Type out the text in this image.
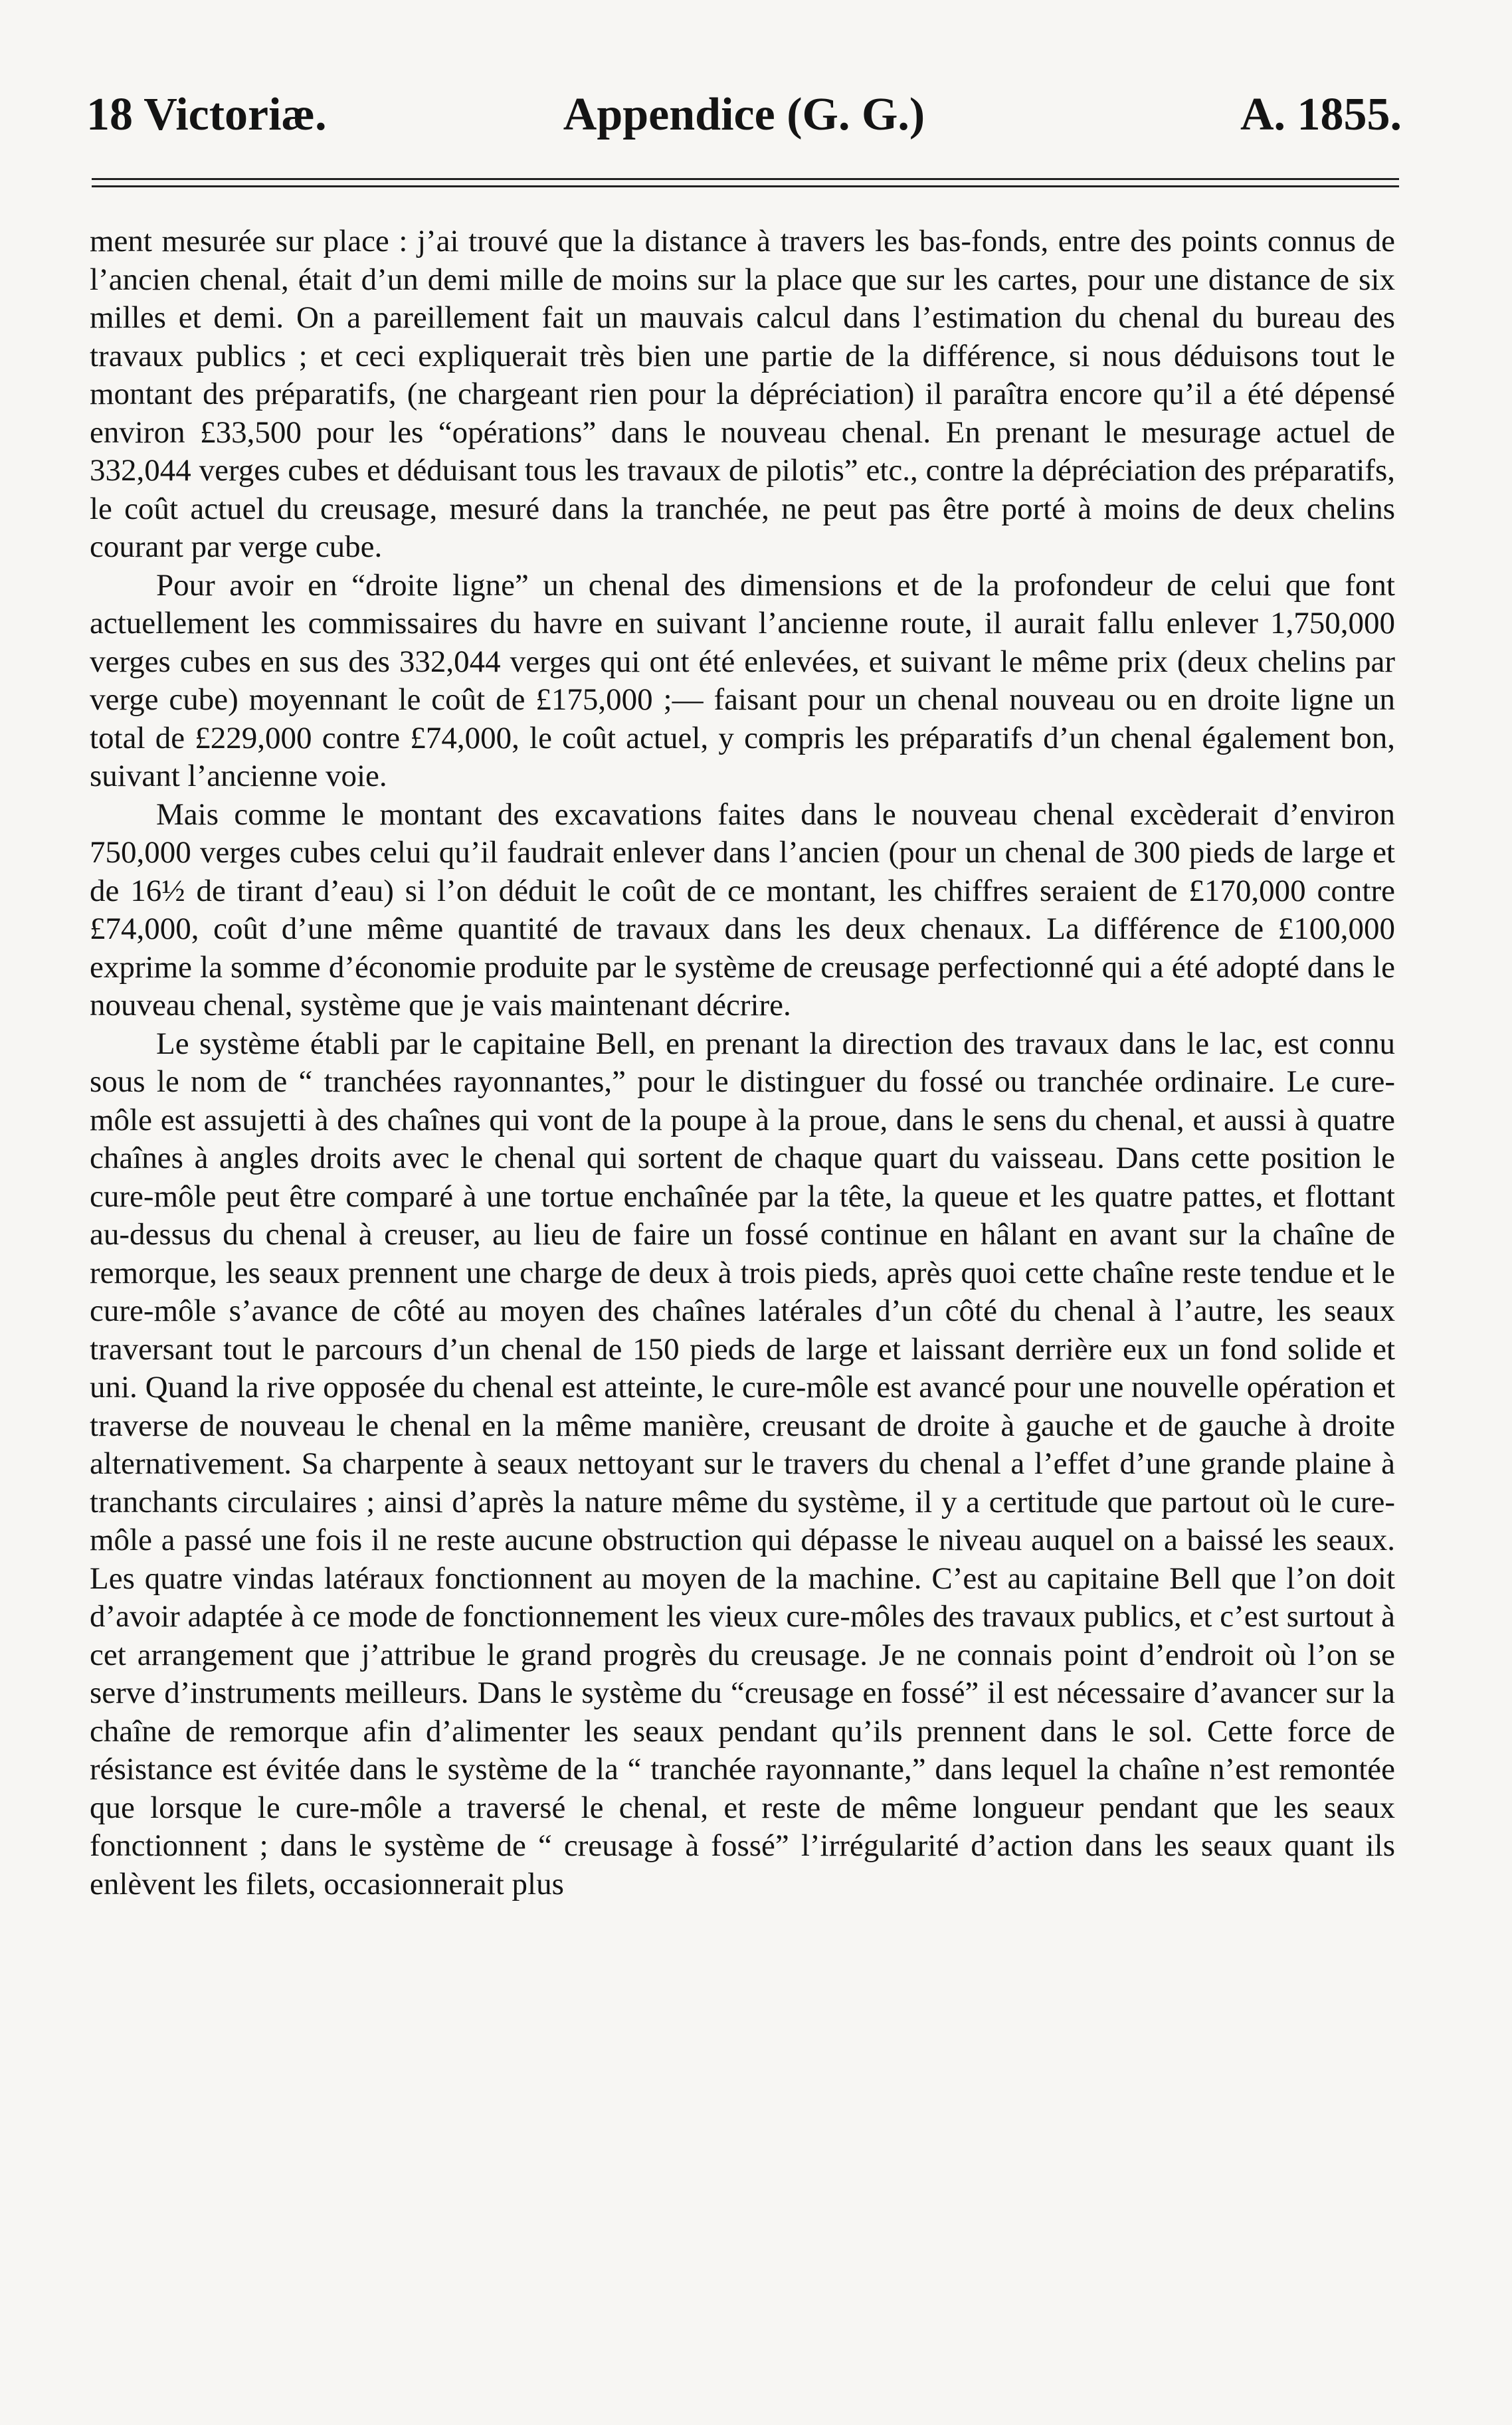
18 Victoriæ.	Appendice (G. G.)	A. 1855.

ment mesurée sur place : j’ai trouvé que la distance à travers les bas-fonds, entre des points connus de l’ancien chenal, était d’un demi mille de moins sur la place que sur les cartes, pour une distance de six milles et demi. On a pareillement fait un mauvais calcul dans l’estimation du chenal du bureau des travaux publics ; et ceci expliquerait très bien une partie de la différence, si nous déduisons tout le montant des préparatifs, (ne chargeant rien pour la dépréciation) il paraîtra encore qu’il a été dépensé environ £33,500 pour les “opérations” dans le nouveau chenal. En prenant le mesurage actuel de 332,044 verges cubes et déduisant tous les travaux de pilotis” etc., contre la dépréciation des préparatifs, le coût actuel du creusage, mesuré dans la tranchée, ne peut pas être porté à moins de deux chelins courant par verge cube.

Pour avoir en “droite ligne” un chenal des dimensions et de la profondeur de celui que font actuellement les commissaires du havre en suivant l’ancienne route, il aurait fallu enlever 1,750,000 verges cubes en sus des 332,044 verges qui ont été enlevées, et suivant le même prix (deux chelins par verge cube) moyennant le coût de £175,000 ;— faisant pour un chenal nouveau ou en droite ligne un total de £229,000 contre £74,000, le coût actuel, y compris les préparatifs d’un chenal également bon, suivant l’ancienne voie.

Mais comme le montant des excavations faites dans le nouveau chenal excèderait d’environ 750,000 verges cubes celui qu’il faudrait enlever dans l’ancien (pour un chenal de 300 pieds de large et de 16½ de tirant d’eau) si l’on déduit le coût de ce montant, les chiffres seraient de £170,000 contre £74,000, coût d’une même quantité de travaux dans les deux chenaux. La différence de £100,000 exprime la somme d’économie produite par le système de creusage perfectionné qui a été adopté dans le nouveau chenal, système que je vais maintenant décrire.

Le système établi par le capitaine Bell, en prenant la direction des travaux dans le lac, est connu sous le nom de “ tranchées rayonnantes,” pour le distinguer du fossé ou tranchée ordinaire. Le cure-môle est assujetti à des chaînes qui vont de la poupe à la proue, dans le sens du chenal, et aussi à quatre chaînes à angles droits avec le chenal qui sortent de chaque quart du vaisseau. Dans cette position le cure-môle peut être comparé à une tortue enchaînée par la tête, la queue et les quatre pattes, et flottant au-dessus du chenal à creuser, au lieu de faire un fossé continue en hâlant en avant sur la chaîne de remorque, les seaux prennent une charge de deux à trois pieds, après quoi cette chaîne reste tendue et le cure-môle s’avance de côté au moyen des chaînes latérales d’un côté du chenal à l’autre, les seaux traversant tout le parcours d’un chenal de 150 pieds de large et laissant derrière eux un fond solide et uni. Quand la rive opposée du chenal est atteinte, le cure-môle est avancé pour une nouvelle opération et traverse de nouveau le chenal en la même manière, creusant de droite à gauche et de gauche à droite alternativement. Sa charpente à seaux nettoyant sur le travers du chenal a l’effet d’une grande plaine à tranchants circulaires ; ainsi d’après la nature même du système, il y a certitude que partout où le cure-môle a passé une fois il ne reste aucune obstruction qui dépasse le niveau auquel on a baissé les seaux. Les quatre vindas latéraux fonctionnent au moyen de la machine. C’est au capitaine Bell que l’on doit d’avoir adaptée à ce mode de fonctionnement les vieux cure-môles des travaux publics, et c’est surtout à cet arrangement que j’attribue le grand progrès du creusage. Je ne connais point d’endroit où l’on se serve d’instruments meilleurs. Dans le système du “creusage en fossé” il est nécessaire d’avancer sur la chaîne de remorque afin d’alimenter les seaux pendant qu’ils prennent dans le sol. Cette force de résistance est évitée dans le système de la “ tranchée rayonnante,” dans lequel la chaîne n’est remontée que lorsque le cure-môle a traversé le chenal, et reste de même longueur pendant que les seaux fonctionnent ; dans le système de “ creusage à fossé” l’irrégularité d’action dans les seaux quant ils enlèvent les filets, occasionnerait plus
